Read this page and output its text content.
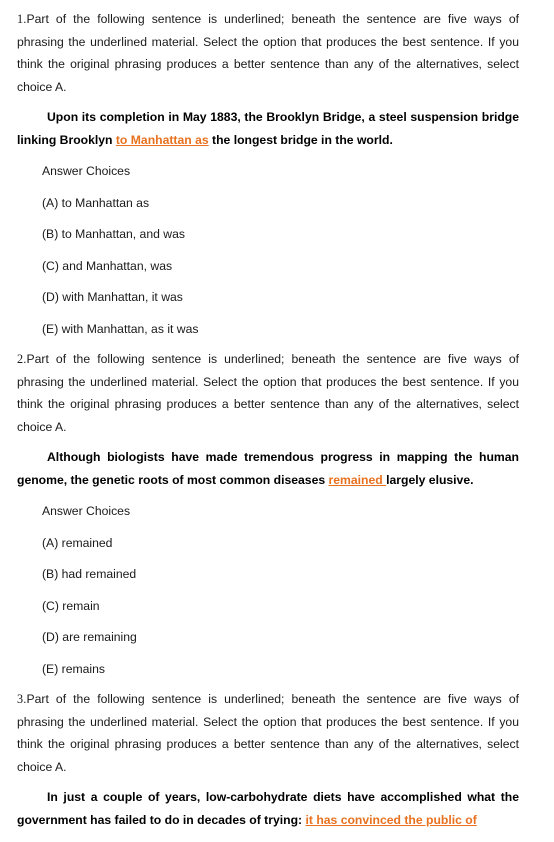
1.Part of the following sentence is underlined; beneath the sentence are five ways of phrasing the underlined material. Select the option that produces the best sentence. If you think the original phrasing produces a better sentence than any of the alternatives, select choice A.

Upon its completion in May 1883, the Brooklyn Bridge, a steel suspension bridge linking Brooklyn to Manhattan as the longest bridge in the world.

Answer Choices
(A) to Manhattan as
(B) to Manhattan, and was
(C) and Manhattan, was
(D) with Manhattan, it was
(E) with Manhattan, as it was

2.Part of the following sentence is underlined; beneath the sentence are five ways of phrasing the underlined material. Select the option that produces the best sentence. If you think the original phrasing produces a better sentence than any of the alternatives, select choice A.

Although biologists have made tremendous progress in mapping the human genome, the genetic roots of most common diseases remained largely elusive.

Answer Choices
(A) remained
(B) had remained
(C) remain
(D) are remaining
(E) remains

3.Part of the following sentence is underlined; beneath the sentence are five ways of phrasing the underlined material. Select the option that produces the best sentence. If you think the original phrasing produces a better sentence than any of the alternatives, select choice A.

In just a couple of years, low-carbohydrate diets have accomplished what the government has failed to do in decades of trying: it has convinced the public of
